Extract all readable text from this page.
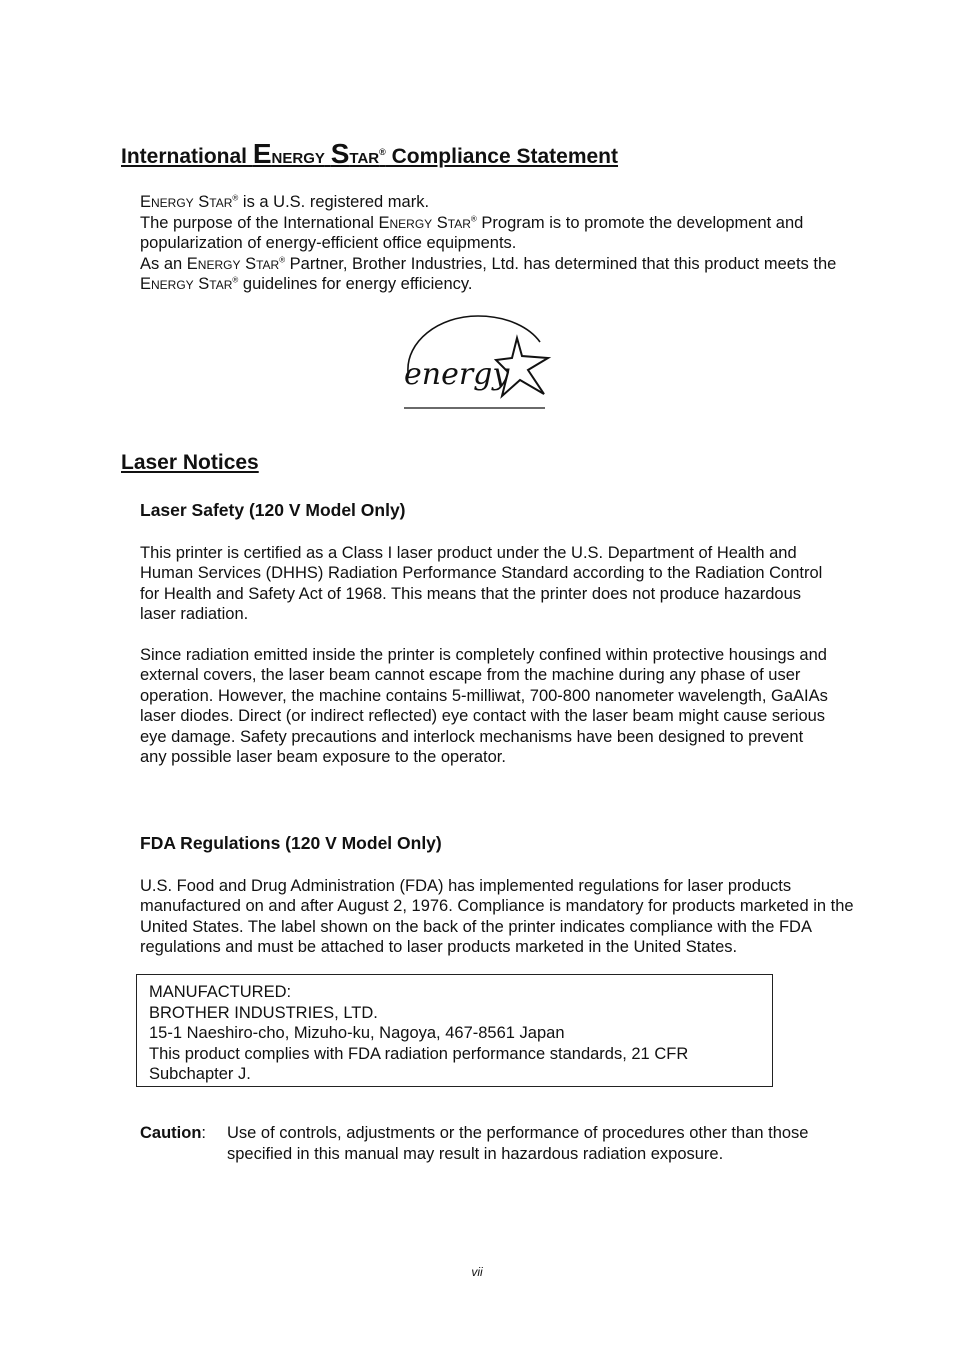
International Energy Star® Compliance Statement

Energy Star® is a U.S. registered mark.

The purpose of the International Energy Star® Program is to promote the development and popularization of energy-efficient office equipments.

As an Energy Star® Partner, Brother Industries, Ltd. has determined that this product meets the Energy Star® guidelines for energy efficiency.

energy
Laser Notices
Laser Safety (120 V Model Only)

This printer is certified as a Class I laser product under the U.S. Department of Health and Human Services (DHHS) Radiation Performance Standard according to the Radiation Control for Health and Safety Act of 1968. This means that the printer does not produce hazardous laser radiation.

Since radiation emitted inside the printer is completely confined within protective housings and external covers, the laser beam cannot escape from the machine during any phase of user operation. However, the machine contains 5-milliwat, 700-800 nanometer wavelength, GaAIAs laser diodes. Direct (or indirect reflected) eye contact with the laser beam might cause serious eye damage. Safety precautions and interlock mechanisms have been designed to prevent any possible laser beam exposure to the operator.

FDA Regulations (120 V Model Only)

U.S. Food and Drug Administration (FDA) has implemented regulations for laser products manufactured on and after August 2, 1976. Compliance is mandatory for products marketed in the United States. The label shown on the back of the printer indicates compliance with the FDA regulations and must be attached to laser products marketed in the United States.

MANUFACTURED:
BROTHER INDUSTRIES, LTD.
15-1 Naeshiro-cho, Mizuho-ku, Nagoya, 467-8561 Japan
This product complies with FDA radiation performance standards, 21 CFR
Subchapter J.
Caution: Use of controls, adjustments or the performance of procedures other than those specified in this manual may result in hazardous radiation exposure.
vii
